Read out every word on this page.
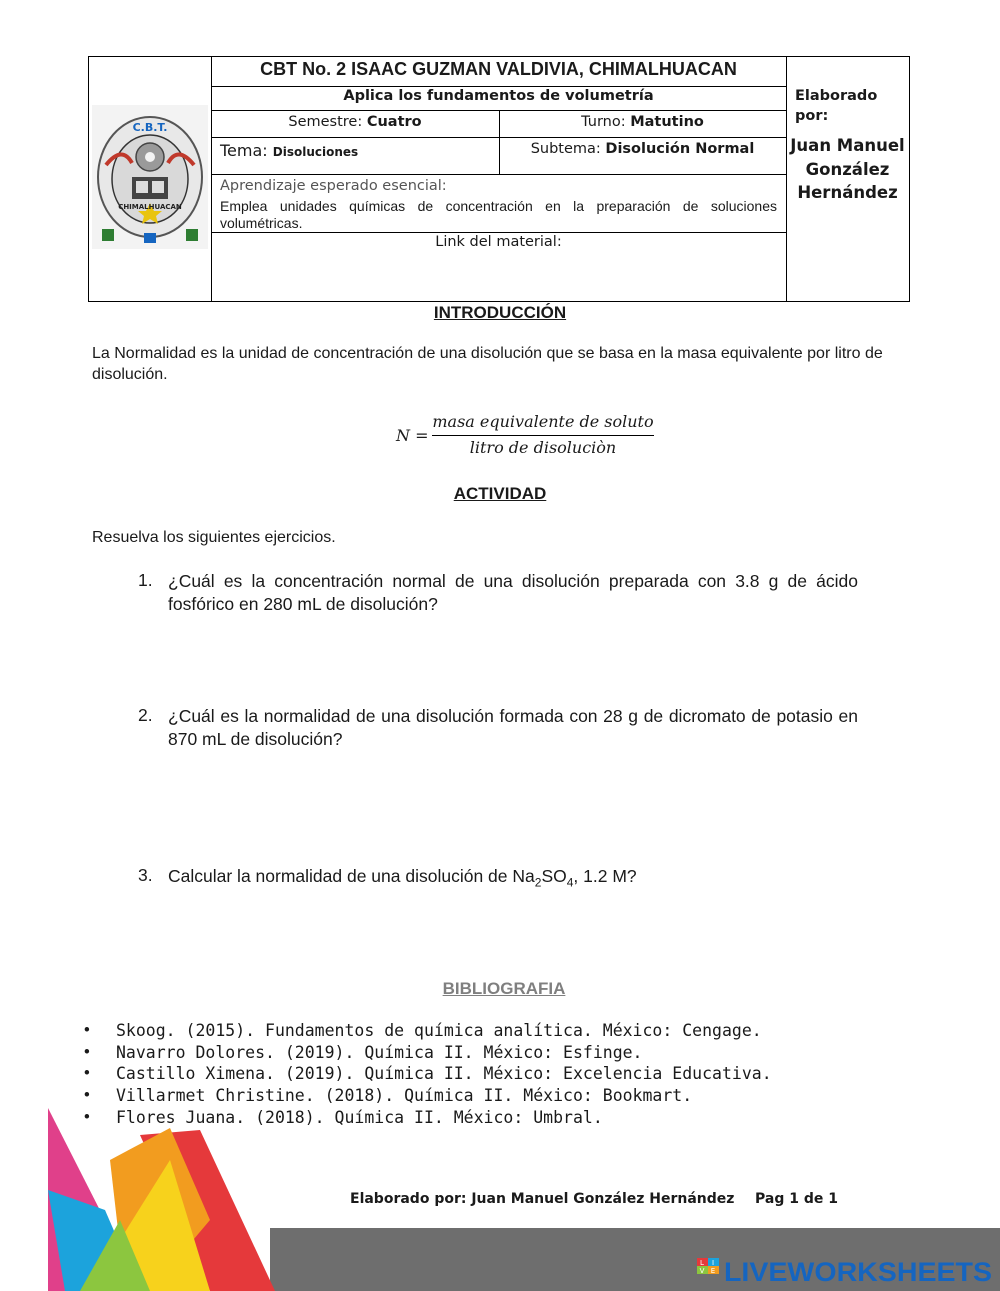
C.B.T.
CHIMALHUACAN
CBT No. 2 ISAAC GUZMAN VALDIVIA, CHIMALHUACAN
Aplica los fundamentos de volumetría
Semestre: Cuatro	Turno: Matutino
Tema: Disoluciones	Subtema: Disolución Normal
Aprendizaje esperado esencial:
Emplea unidades químicas de concentración en la preparación de soluciones volumétricas.
Link del material:
Elaborado
por:
Juan Manuel
González
Hernández
INTRODUCCIÓN
La Normalidad es la unidad de concentración de una disolución que se basa en la masa equivalente por litro de disolución.
N =
masa equivalente de soluto
litro de disoluciòn
ACTIVIDAD
Resuelva los siguientes ejercicios.
1. ¿Cuál es la concentración normal de una disolución preparada con 3.8 g de ácido fosfórico en 280 mL de disolución?
2. ¿Cuál es la normalidad de una disolución formada con 28 g de dicromato de potasio en 870 mL de disolución?
3. Calcular la normalidad de una disolución de $Na_2SO_4$, 1.2 M?
BIBLIOGRAFIA
• Skoog. (2015). Fundamentos de química analítica. México: Cengage.
• Navarro Dolores. (2019). Química II. México: Esfinge.
• Castillo Ximena. (2019). Química II. México: Excelencia Educativa.
• Villarmet Christine. (2018). Química II. México: Bookmart.
• Flores Juana. (2018). Química II. México: Umbral.
L I
V E LIVEWORKSHEETS
Elaborado por: Juan Manuel González Hernández Pag 1 de 1
